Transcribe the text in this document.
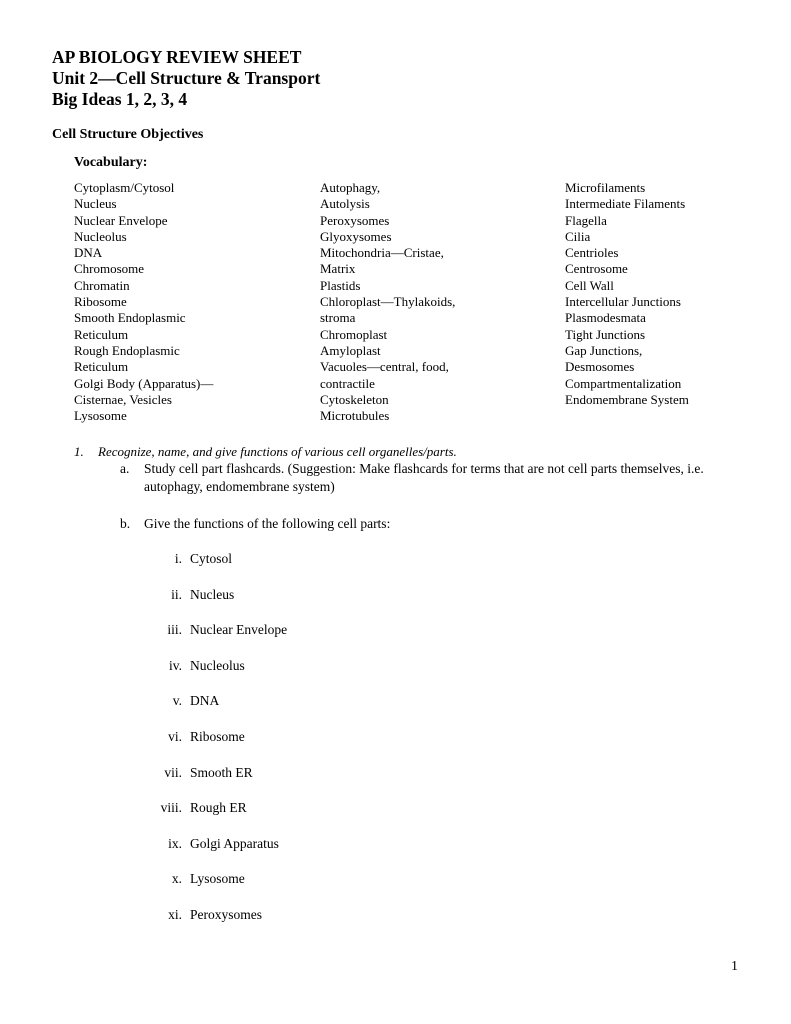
AP BIOLOGY REVIEW SHEET
Unit 2—Cell Structure & Transport
Big Ideas 1, 2, 3, 4
Cell Structure Objectives
Vocabulary:
Cytoplasm/Cytosol
Nucleus
Nuclear Envelope
Nucleolus
DNA
Chromosome
Chromatin
Ribosome
Smooth Endoplasmic
Reticulum
Rough Endoplasmic
Reticulum
Golgi Body (Apparatus)—
Cisternae, Vesicles
Lysosome
Autophagy,
Autolysis
Peroxysomes
Glyoxysomes
Mitochondria—Cristae,
Matrix
Plastids
Chloroplast—Thylakoids,
stroma
Chromoplast
Amyloplast
Vacuoles—central, food,
contractile
Cytoskeleton
Microtubules
Microfilaments
Intermediate Filaments
Flagella
Cilia
Centrioles
Centrosome
Cell Wall
Intercellular Junctions
Plasmodesmata
Tight Junctions
Gap Junctions,
Desmosomes
Compartmentalization
Endomembrane System
1. Recognize, name, and give functions of various cell organelles/parts.
a.	Study cell part flashcards. (Suggestion: Make flashcards for terms that are not cell parts themselves, i.e. autophagy, endomembrane system)
b.	Give the functions of the following cell parts:
i. Cytosol
ii. Nucleus
iii. Nuclear Envelope
iv. Nucleolus
v. DNA
vi. Ribosome
vii. Smooth ER
viii. Rough ER
ix. Golgi Apparatus
x. Lysosome
xi. Peroxysomes
1
